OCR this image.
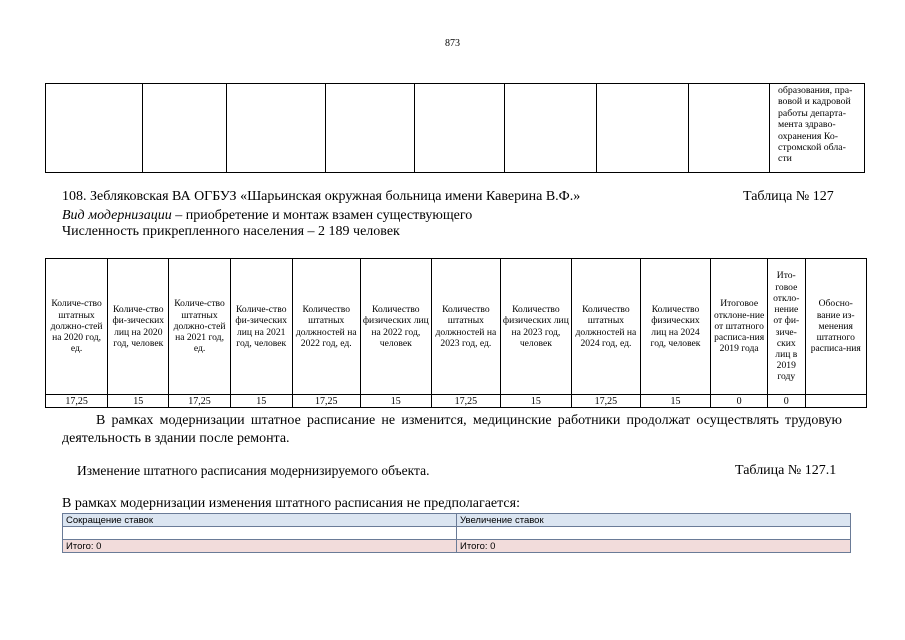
873

образования, пра-
вовой и кадровой
работы департа-
мента здраво-
охранения Ко-
стромской обла-
сти
108. Зебляковская ВА ОГБУЗ «Шарьинская окружная больница имени Каверина В.Ф.»	Таблица № 127
Вид модернизации – приобретение и монтаж взамен существующего
Численность прикрепленного населения – 2 189 человек
Количе-ство штатных должно-стей на 2020 год, ед.	Количе-ство фи-зических лиц на 2020 год, человек	Количе-ство штатных должно-стей на 2021 год, ед.	Количе-ство фи-зических лиц на 2021 год, человек	Количество штатных должностей на 2022 год, ед.	Количество физических лиц на 2022 год, человек	Количество штатных должностей на 2023 год, ед.	Количество физических лиц на 2023 год, человек	Количество штатных должностей на 2024 год, ед.	Количество физических лиц на 2024 год, человек	Итоговое отклоне-ние от штатного расписа-ния 2019 года	Ито-говое откло-нение от фи-зиче-ских лиц в 2019 году	Обосно-вание из-менения штатного расписа-ния
17,25	15	17,25	15	17,25	15	17,25	15	17,25	15	0	0	
В рамках модернизации штатное расписание не изменится, медицинские работники продолжат осуществлять трудовую деятельность в здании после ремонта.
Изменение штатного расписания модернизируемого объекта.	Таблица № 127.1
В рамках модернизации изменения штатного расписания не предполагается:
Сокращение ставок	Увеличение ставок

Итого: 0	Итого: 0
